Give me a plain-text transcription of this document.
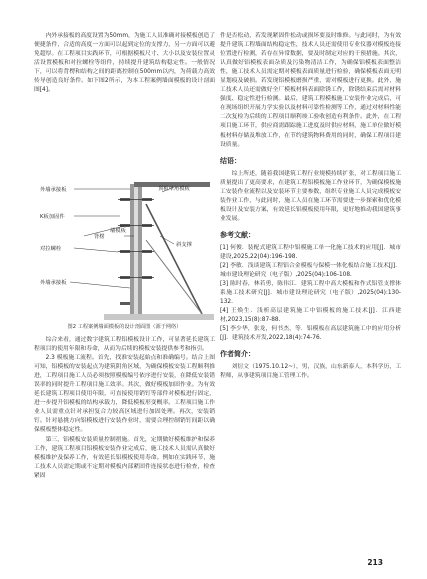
内外承接板的高度设置为50mm，为施工人员准确对接模板创造了便捷条件，合适的高度一方面可以起到定位的支撑力，另一方面可以避免超厚。在工程项目实践环节，可根据模板尺寸、大小以及安装位置灵活设置模板和对拉螺栓等组件，持续提升建筑结构稳定性。一般情况下，可以将背楞和结构之间的距离控制在500mm以内，为荷载力高效传导创造良好条件。如下图2所示，为本工程案例墙面模板的设计剖面图[4]。

外墙承接板	顶板单角模板
K板加固件
背楞
对拉螺栓
外墙承接板
墙模板
斜支撑
图2 工程案例墙面模板的设计剖面图（源于网络）

综合来看，通过数字建筑工程铝模板设计工作，可显著延长建筑工程项目的使用年限和寿命，从而为后续的模板安装提供参考和指引。

2.3 模板施工流程。首先，找准安装起始点和准确编号。结合上图可知，铝模板的安装起点为建筑阴角区域，为确保模板安装工程顺利推进，工程项目施工人员必须按照模板编号依序进行安装，在降低安装错误率的同时提升工程项目施工效率。其次，做好模板加固作业。为有效延长建筑工程项目使用年限，可直接使用销钉等部件对模板进行固定，进一步提升铝模板的结构承载力，降低模板形变概率。工程项目施工作业人员需重点针对承担复合力较高区域进行加固处理。再次，安装销钉。针对悬挑方向铝模板进行安装作业时，需要合理控制销钉间距以确保模板整体稳定性。

第三，铝模板安装质量控制措施。首先，定期做好模板维护和保养工作，建筑工程项目铝模板安装作业完成后，施工技术人员需认真做好模板维护及保养工作，有效延长铝模板使用寿命。例如在实践环节，施工技术人员需定期或不定期对模板内部紧固件连接状态进行检查，检查紧固

件是否松动，若发现紧固件松动或损坏要及时维修。与此同时，为有效提升建筑工程墙面结构稳定性，技术人员还需使用专业仪器对模板连接位置进行检测，若存在异常数据，要及时制定对应的干预措施。其次，认真做好铝模板表面杂质及污染物清洁工作，为确保铝模板表面整洁性，施工技术人员需定期对模板表面质量进行检验，确保模板表面无明显划痕及破损。若发现铝模板磨损严重，需对模板进行更换。此外，施工技术人员还需做好全厂模板材料表面除锈工作，除锈结束后需对材料强度、稳定性进行检测。最后，建筑工程模板施工安装作业完成后，可在现场组织开展力学实验以及材料可靠性检测等工作，通过对材料性能二次复检为后续的工程项目顺利竣工验收创造有利条件。此外，在工程项目施工环节，供应商需跟踪施工进度及时供应材料，施工单位做好模板材料存储及堆放工作，在节约建筑物料费用的同时，确保工程项目建设质量。

结语：

综上所述，随着我国建筑工程行业规模持续扩张，对工程项目施工质量提出了更高要求，在建筑工程铝模板施工作业环节，为确保模板施工安装作业流程以及安装环节主要参数，组织专业施工人员完成模板安装作业工作，与此同时，施工人员在施工环节需要进一步探索和优化模板设计及安装方案，有效延长铝模板使用年限，更好地推动我国建筑事业发展。

参考文献：

[1] 何俊．装配式建筑工程中铝模施工单一化施工技术的应用[J]．城市建设,2025,22(04):196-198.

[2] 李敏．浅谈建筑工程铝合金模板与保模一体化板结合施工技术[J]．城市建设理论研究（电子版）,2025(04):106-108.

[3] 陈时春，林若勇，陈伟江．建筑工程中高大模板和作式铝管支撑体系施工技术研究[J]．城市建设理论研究（电子版）,2025(04):130-132.

[4] 王焕生．浅析高层建筑施工中铝模板的施工技术[J]．江西建材,2023,15(8):87-88.

[5] 李少华，张龙，何书杰，等．铝模板在高层建筑施工中的应用分析[J]．建筑技术开发,2022,18(4):74-76.

作者简介：

刘衍文（1975.10.12~），男，汉族，山东新泰人，本科学历，工程师，从事建筑项目施工管理工作。

213
